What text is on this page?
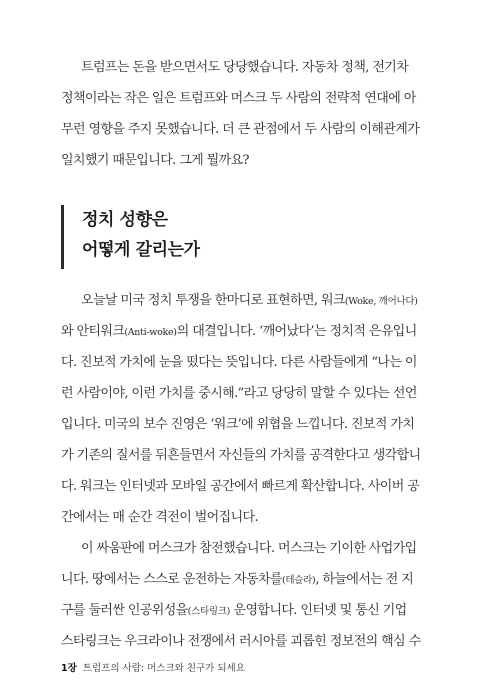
트럼프는 돈을 받으면서도 당당했습니다. 자동차 정책, 전기차
정책이라는 작은 일은 트럼프와 머스크 두 사람의 전략적 연대에 아
무런 영향을 주지 못했습니다. 더 큰 관점에서 두 사람의 이해관계가
일치했기 때문입니다. 그게 뭘까요?
정치 성향은
어떻게 갈리는가
오늘날 미국 정치 투쟁을 한마디로 표현하면, 워크(Woke, 깨어나다)
와 안티워크(Anti-woke)의 대결입니다. ‘깨어났다’는 정치적 은유입니
다. 진보적 가치에 눈을 떴다는 뜻입니다. 다른 사람들에게 “나는 이
런 사람이야, 이런 가치를 중시해.”라고 당당히 말할 수 있다는 선언
입니다. 미국의 보수 진영은 ‘워크’에 위협을 느낍니다. 진보적 가치
가 기존의 질서를 뒤흔들면서 자신들의 가치를 공격한다고 생각합니
다. 워크는 인터넷과 모바일 공간에서 빠르게 확산합니다. 사이버 공
간에서는 매 순간 격전이 벌어집니다.
이 싸움판에 머스크가 참전했습니다. 머스크는 기이한 사업가입
니다. 땅에서는 스스로 운전하는 자동차를(테슬라), 하늘에서는 전 지
구를 둘러싼 인공위성을(스타링크) 운영합니다. 인터넷 및 통신 기업
스타링크는 우크라이나 전쟁에서 러시아를 괴롭힌 정보전의 핵심 수
1장 트럼프의 사람: 머스크와 친구가 되세요
